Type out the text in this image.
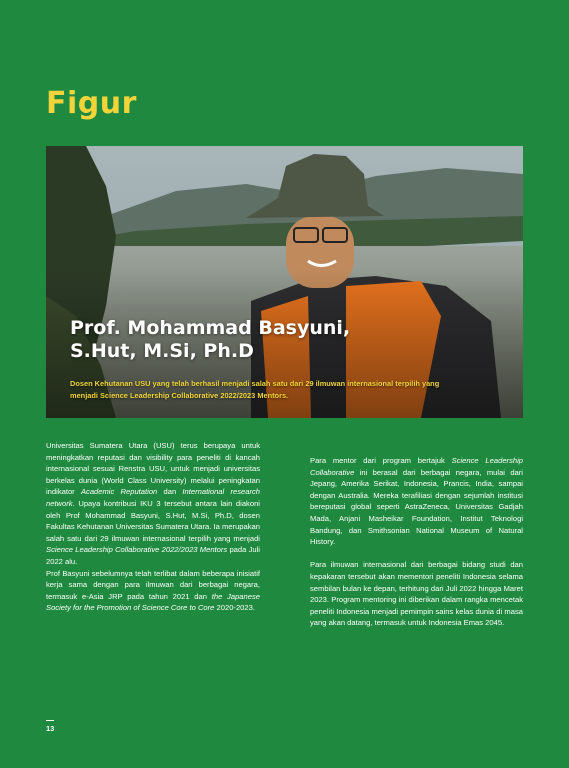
Figur
Prof. Mohammad Basyuni,
S.Hut, M.Si, Ph.D
Dosen Kehutanan USU yang telah berhasil menjadi salah satu dari 29 ilmuwan internasional terpilih yang
menjadi Science Leadership Collaborative 2022/2023 Mentors.

Universitas Sumatera Utara (USU) terus berupaya untuk meningkatkan reputasi dan visibility para peneliti di kancah internasional sesuai Renstra USU, untuk menjadi universitas berkelas dunia (World Class University) melalui peningkatan indikator Academic Reputation dan International research network. Upaya kontribusi IKU 3 tersebut antara lain diakoni oleh Prof Mohammad Basyuni, S.Hut, M.Si, Ph.D, dosen Fakultas Kehutanan Universitas Sumatera Utara. Ia merupakan salah satu dari 29 ilmuwan internasional terpilih yang menjadi Science Leadership Collaborative 2022/2023 Mentors pada Juli 2022 alu.

Prof Basyuni sebelumnya telah terlibat dalam beberapa inisiatif kerja sama dengan para ilmuwan dari berbagai negara, termasuk e-Asia JRP pada tahun 2021 dan the Japanese Society for the Promotion of Science Core to Core 2020-2023.

Para mentor dari program bertajuk Science Leadership Collaborative ini berasal dari berbagai negara, mulai dari Jepang, Amerika Serikat, Indonesia, Prancis, India, sampai dengan Australia. Mereka terafiliasi dengan sejumlah institusi bereputasi global seperti AstraZeneca, Universitas Gadjah Mada, Anjani Masheikar Foundation, Institut Teknologi Bandung, dan Smithsonian National Museum of Natural History.

Para ilmuwan internasional dari berbagai bidang studi dan kepakaran tersebut akan mementori peneliti Indonesia selama sembilan bulan ke depan, terhitung dari Juli 2022 hingga Maret 2023. Program mentoring ini diberikan dalam rangka mencetak peneliti Indonesia menjadi pemimpin sains kelas dunia di masa yang akan datang, termasuk untuk Indonesia Emas 2045.

13
